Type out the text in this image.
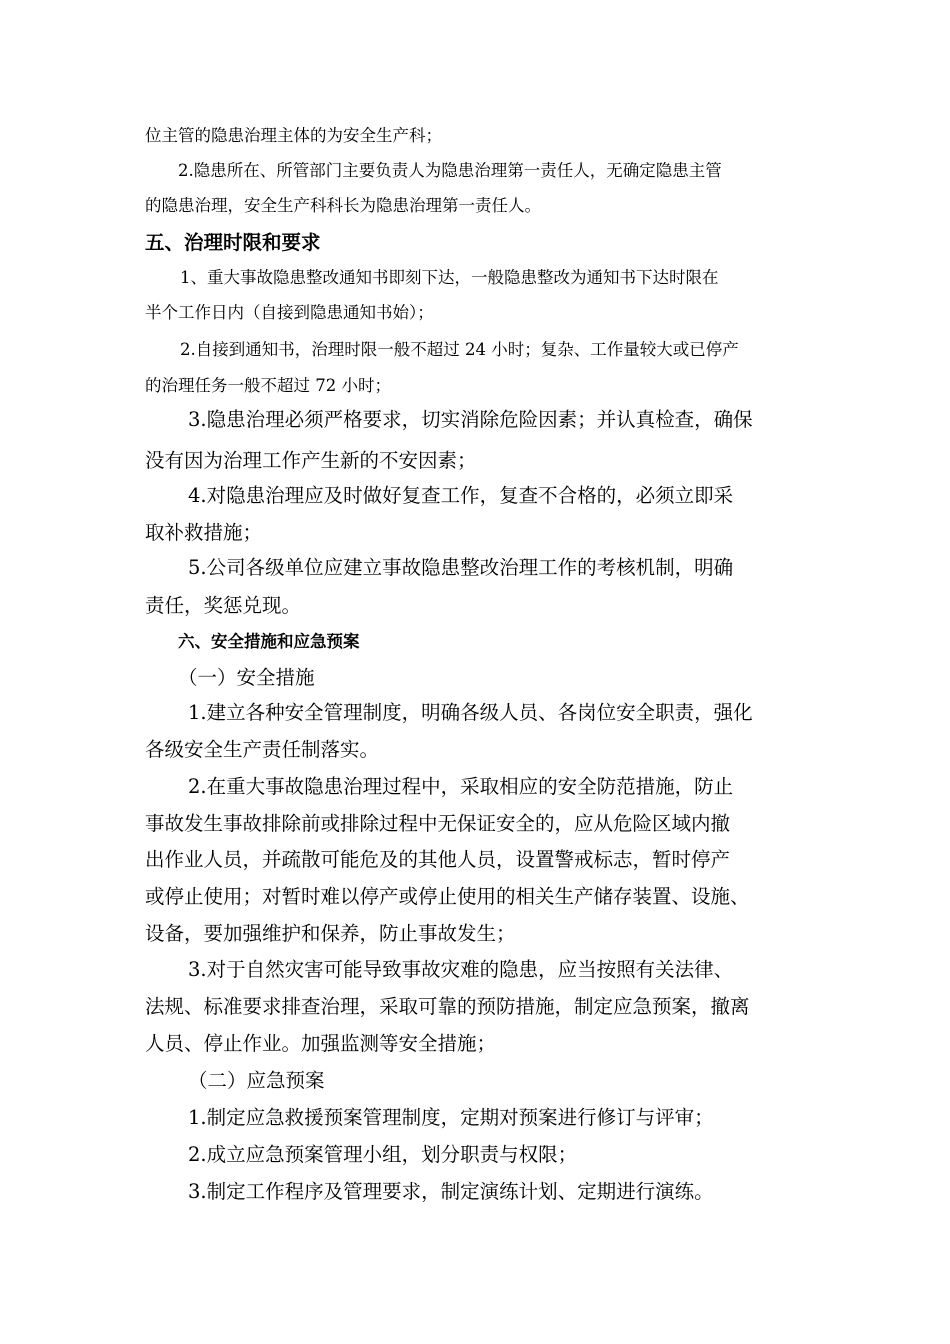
位主管的隐患治理主体的为安全生产科；
2.隐患所在、所管部门主要负责人为隐患治理第一责任人，无确定隐患主管
的隐患治理，安全生产科科长为隐患治理第一责任人。
五、治理时限和要求
1、重大事故隐患整改通知书即刻下达，一般隐患整改为通知书下达时限在
半个工作日内（自接到隐患通知书始）；
2.自接到通知书，治理时限一般不超过 24 小时；复杂、工作量较大或已停产
的治理任务一般不超过 72 小时；
3.隐患治理必须严格要求，切实消除危险因素；并认真检查，确保
没有因为治理工作产生新的不安因素；
4.对隐患治理应及时做好复查工作，复查不合格的，必须立即采
取补救措施；
5.公司各级单位应建立事故隐患整改治理工作的考核机制，明确
责任，奖惩兑现。
六、安全措施和应急预案
（一）安全措施
1.建立各种安全管理制度，明确各级人员、各岗位安全职责，强化
各级安全生产责任制落实。
2.在重大事故隐患治理过程中，采取相应的安全防范措施，防止
事故发生事故排除前或排除过程中无保证安全的，应从危险区域内撤
出作业人员，并疏散可能危及的其他人员，设置警戒标志，暂时停产
或停止使用；对暂时难以停产或停止使用的相关生产储存装置、设施、
设备，要加强维护和保养，防止事故发生；
3.对于自然灾害可能导致事故灾难的隐患，应当按照有关法律、
法规、标准要求排查治理，采取可靠的预防措施，制定应急预案，撤离
人员、停止作业。加强监测等安全措施；
（二）应急预案
1.制定应急救援预案管理制度，定期对预案进行修订与评审；
2.成立应急预案管理小组，划分职责与权限；
3.制定工作程序及管理要求，制定演练计划、定期进行演练。
